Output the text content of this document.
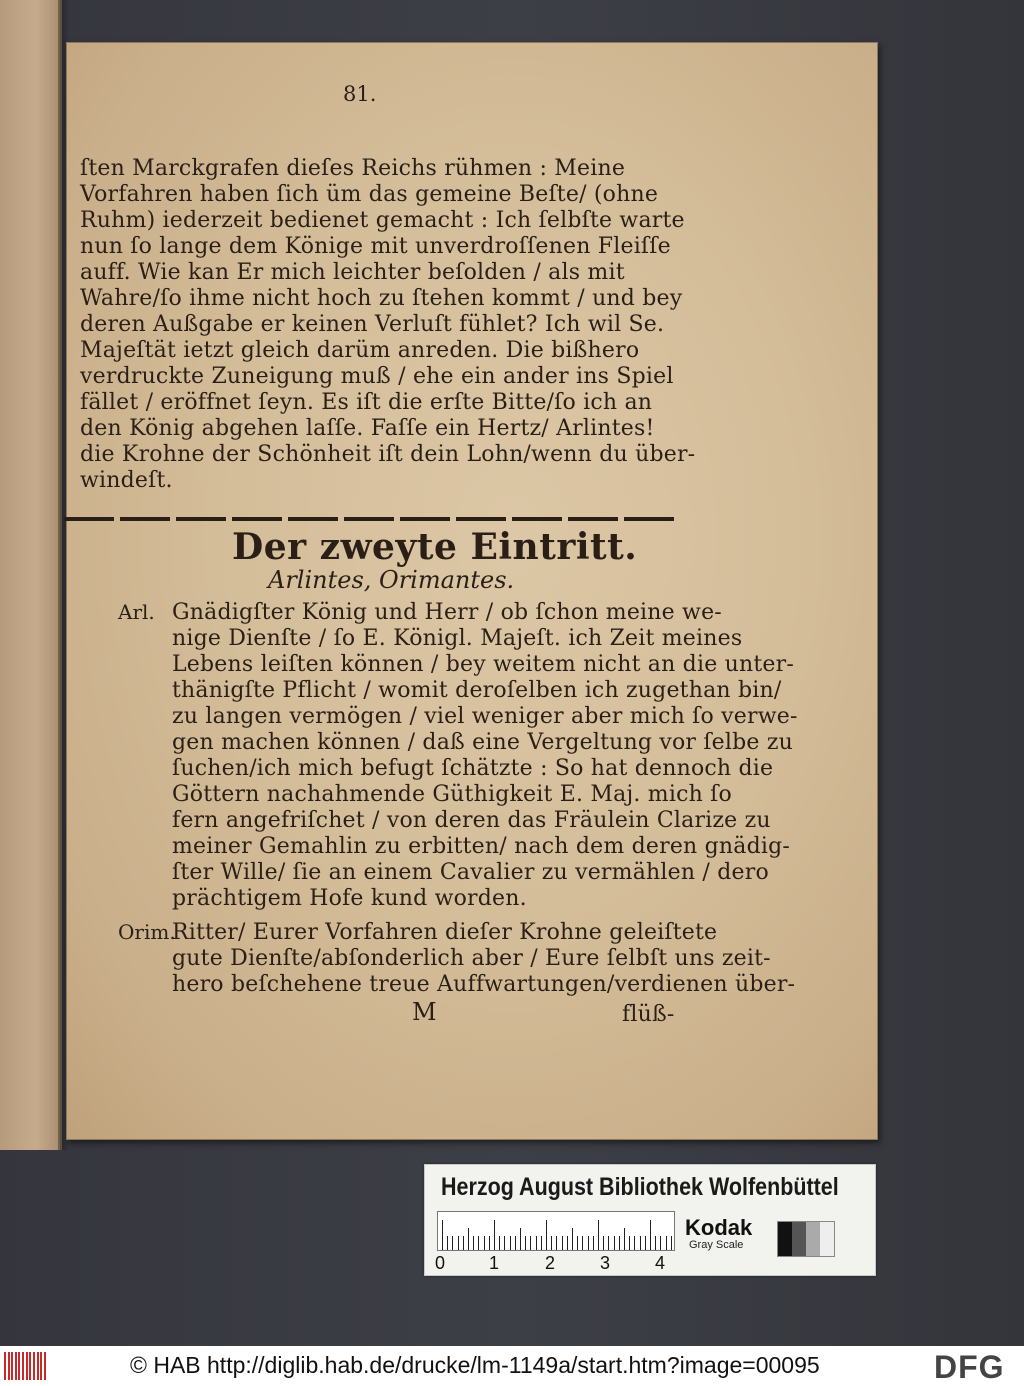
81.
ſten Marckgrafen dieſes Reichs rühmen : Meine
Vorfahren haben ſich üm das gemeine Beſte/ (ohne
Ruhm) iederzeit bedienet gemacht : Ich ſelbſte warte
nun ſo lange dem Könige mit unverdroſſenen Fleiſſe
auff. Wie kan Er mich leichter beſolden / als mit
Wahre/ſo ihme nicht hoch zu ſtehen kommt / und bey
deren Außgabe er keinen Verluſt fühlet? Ich wil Se.
Majeſtät ietzt gleich darüm anreden. Die bißhero
verdruckte Zuneigung muß / ehe ein ander ins Spiel
fället / eröffnet ſeyn. Es iſt die erſte Bitte/ſo ich an
den König abgehen laſſe. Faſſe ein Hertz/ Arlintes!
die Krohne der Schönheit iſt dein Lohn/wenn du über-
windeſt.
Der zweyte Eintritt.
Arlintes, Orimantes.
Arl. Gnädigſter König und Herr / ob ſchon meine we-
nige Dienſte / ſo E. Königl. Majeſt. ich Zeit meines
Lebens leiſten können / bey weitem nicht an die unter-
thänigſte Pflicht / womit deroſelben ich zugethan bin/
zu langen vermögen / viel weniger aber mich ſo verwe-
gen machen können / daß eine Vergeltung vor ſelbe zu
ſuchen/ich mich befugt ſchätzte : So hat dennoch die
Göttern nachahmende Güthigkeit E. Maj. mich ſo
fern angefriſchet / von deren das Fräulein Clarize zu
meiner Gemahlin zu erbitten/ nach dem deren gnädig-
ſter Wille/ ſie an einem Cavalier zu vermählen / dero
prächtigem Hofe kund worden.
Orim.
Ritter/ Eurer Vorfahren dieſer Krohne geleiſtete
gute Dienſte/abſonderlich aber / Eure ſelbſt uns zeit-
hero beſchehene treue Auffwartungen/verdienen über-
M	flüß-
Herzog August Bibliothek Wolfenbüttel
0 1	2 3 4
Kodak
Gray Scale
© HAB http://diglib.hab.de/drucke/lm-1149a/start.htm?image=00095	DFG
